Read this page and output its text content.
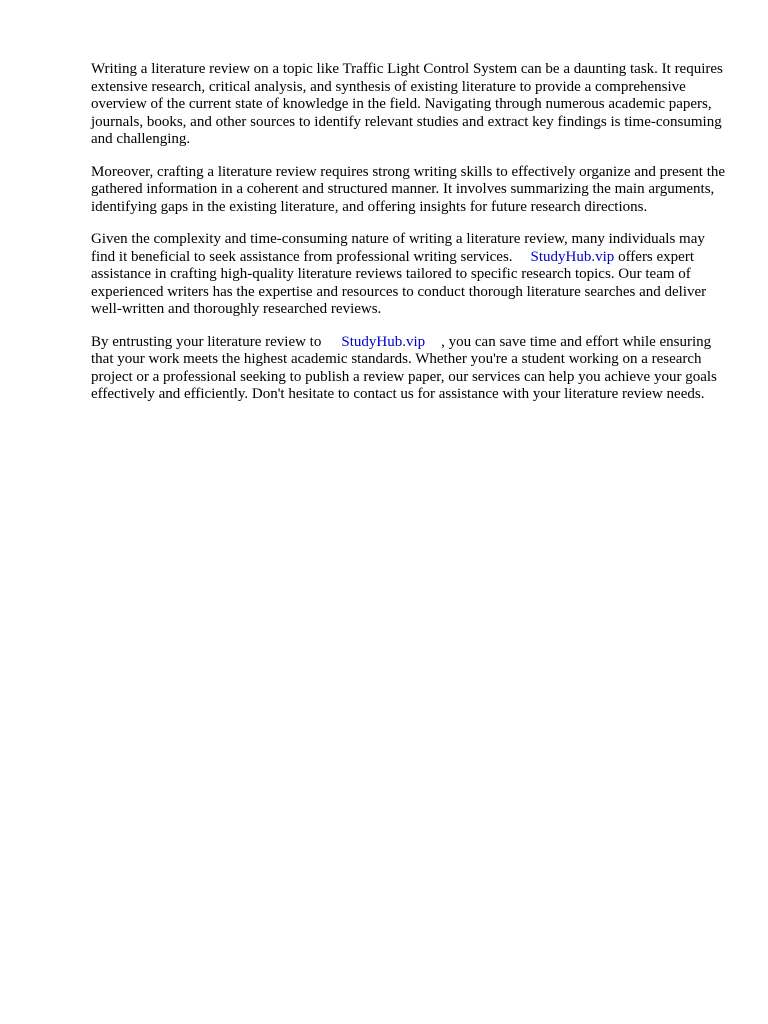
Writing a literature review on a topic like Traffic Light Control System can be a daunting task. It requires extensive research, critical analysis, and synthesis of existing literature to provide a comprehensive overview of the current state of knowledge in the field. Navigating through numerous academic papers, journals, books, and other sources to identify relevant studies and extract key findings is time-consuming and challenging.

Moreover, crafting a literature review requires strong writing skills to effectively organize and present the gathered information in a coherent and structured manner. It involves summarizing the main arguments, identifying gaps in the existing literature, and offering insights for future research directions.

Given the complexity and time-consuming nature of writing a literature review, many individuals may find it beneficial to seek assistance from professional writing services. StudyHub.vip offers expert assistance in crafting high-quality literature reviews tailored to specific research topics. Our team of experienced writers has the expertise and resources to conduct thorough literature searches and deliver well-written and thoroughly researched reviews.

By entrusting your literature review to StudyHub.vip , you can save time and effort while ensuring that your work meets the highest academic standards. Whether you're a student working on a research project or a professional seeking to publish a review paper, our services can help you achieve your goals effectively and efficiently. Don't hesitate to contact us for assistance with your literature review needs.
